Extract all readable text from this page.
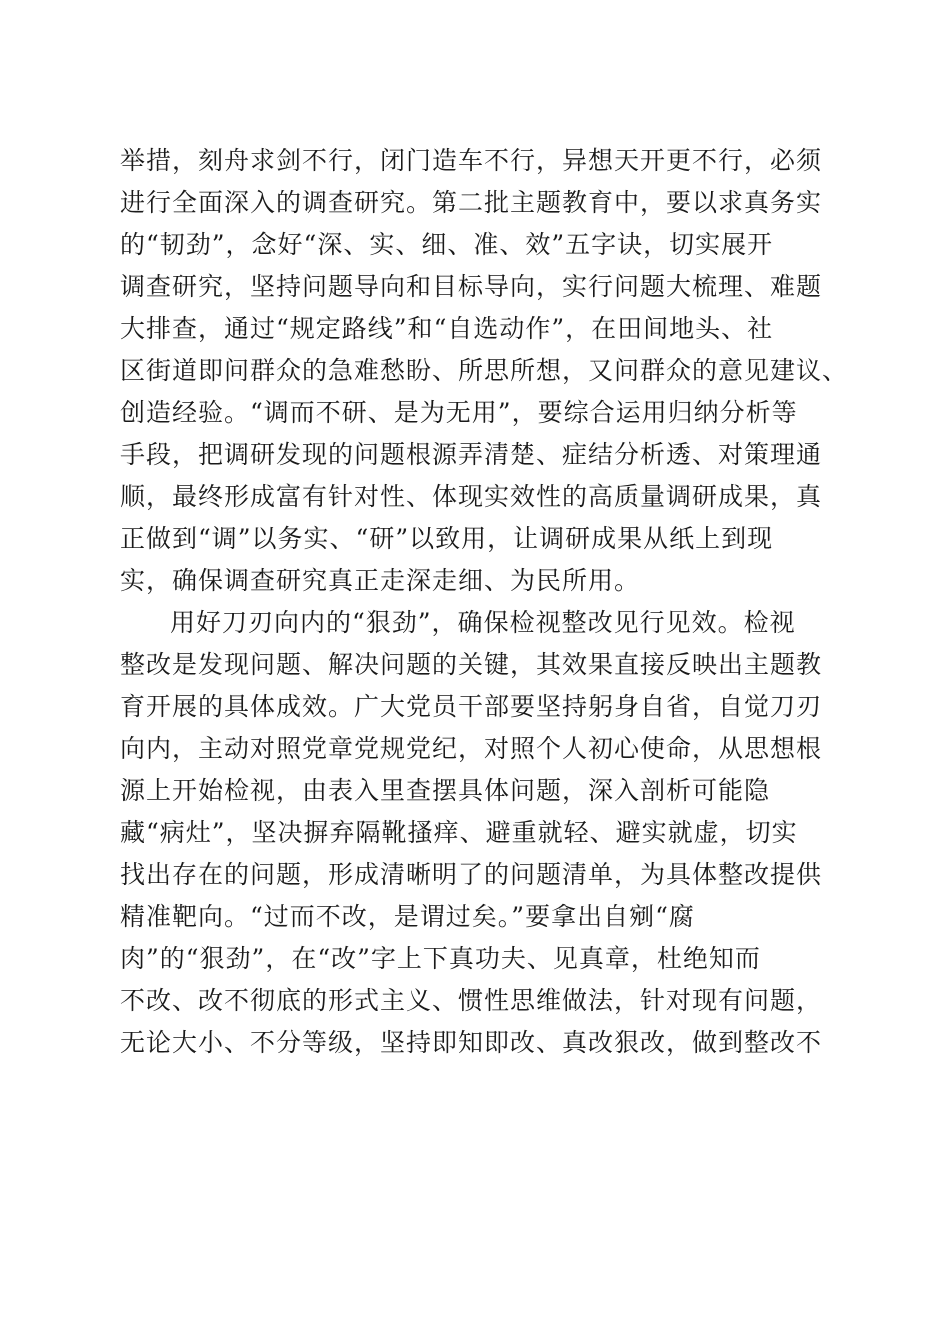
举措，刻舟求剑不行，闭门造车不行，异想天开更不行，必须
进行全面深入的调查研究。第二批主题教育中，要以求真务实
的“韧劲”，念好“深、实、细、准、效”五字诀，切实展开
调查研究，坚持问题导向和目标导向，实行问题大梳理、难题
大排查，通过“规定路线”和“自选动作”，在田间地头、社
区街道即问群众的急难愁盼、所思所想，又问群众的意见建议、
创造经验。“调而不研、是为无用”，要综合运用归纳分析等
手段，把调研发现的问题根源弄清楚、症结分析透、对策理通
顺，最终形成富有针对性、体现实效性的高质量调研成果，真
正做到“调”以务实、“研”以致用，让调研成果从纸上到现
实，确保调查研究真正走深走细、为民所用。
用好刀刃向内的“狠劲”，确保检视整改见行见效。检视
整改是发现问题、解决问题的关键，其效果直接反映出主题教
育开展的具体成效。广大党员干部要坚持躬身自省，自觉刀刃
向内，主动对照党章党规党纪，对照个人初心使命，从思想根
源上开始检视，由表入里查摆具体问题，深入剖析可能隐
藏“病灶”，坚决摒弃隔靴搔痒、避重就轻、避实就虚，切实
找出存在的问题，形成清晰明了的问题清单，为具体整改提供
精准靶向。“过而不改，是谓过矣。”要拿出自剜“腐
肉”的“狠劲”，在“改”字上下真功夫、见真章，杜绝知而
不改、改不彻底的形式主义、惯性思维做法，针对现有问题，
无论大小、不分等级，坚持即知即改、真改狠改，做到整改不
